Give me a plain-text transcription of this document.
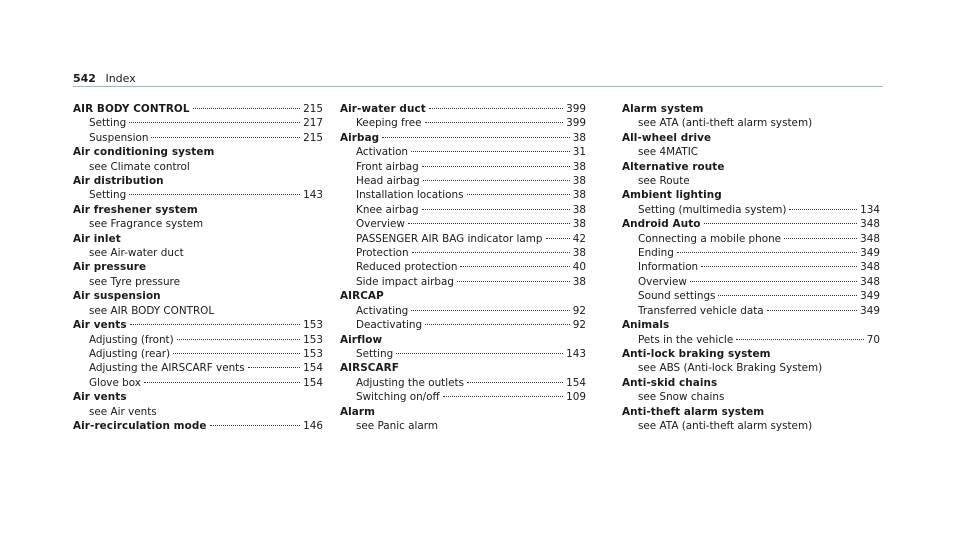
542 Index
AIR BODY CONTROL	215
Setting	217
Suspension	215
Air conditioning system
see Climate control
Air distribution
Setting	143
Air freshener system
see Fragrance system
Air inlet
see Air-water duct
Air pressure
see Tyre pressure
Air suspension
see AIR BODY CONTROL
Air vents	153
Adjusting (front)	153
Adjusting (rear)	153
Adjusting the AIRSCARF vents	154
Glove box	154
Air vents
see Air vents
Air-recirculation mode	146
Air-water duct	399
Keeping free	399
Airbag	38
Activation	31
Front airbag	38
Head airbag	38
Installation locations	38
Knee airbag	38
Overview	38
PASSENGER AIR BAG indicator lamp	42
Protection	38
Reduced protection	40
Side impact airbag	38
AIRCAP
Activating	92
Deactivating	92
Airflow
Setting	143
AIRSCARF
Adjusting the outlets	154
Switching on/off	109
Alarm
see Panic alarm
Alarm system
see ATA (anti-theft alarm system)
All-wheel drive
see 4MATIC
Alternative route
see Route
Ambient lighting
Setting (multimedia system)	134
Android Auto	348
Connecting a mobile phone	348
Ending	349
Information	348
Overview	348
Sound settings	349
Transferred vehicle data	349
Animals
Pets in the vehicle	70
Anti-lock braking system
see ABS (Anti-lock Braking System)
Anti-skid chains
see Snow chains
Anti-theft alarm system
see ATA (anti-theft alarm system)
